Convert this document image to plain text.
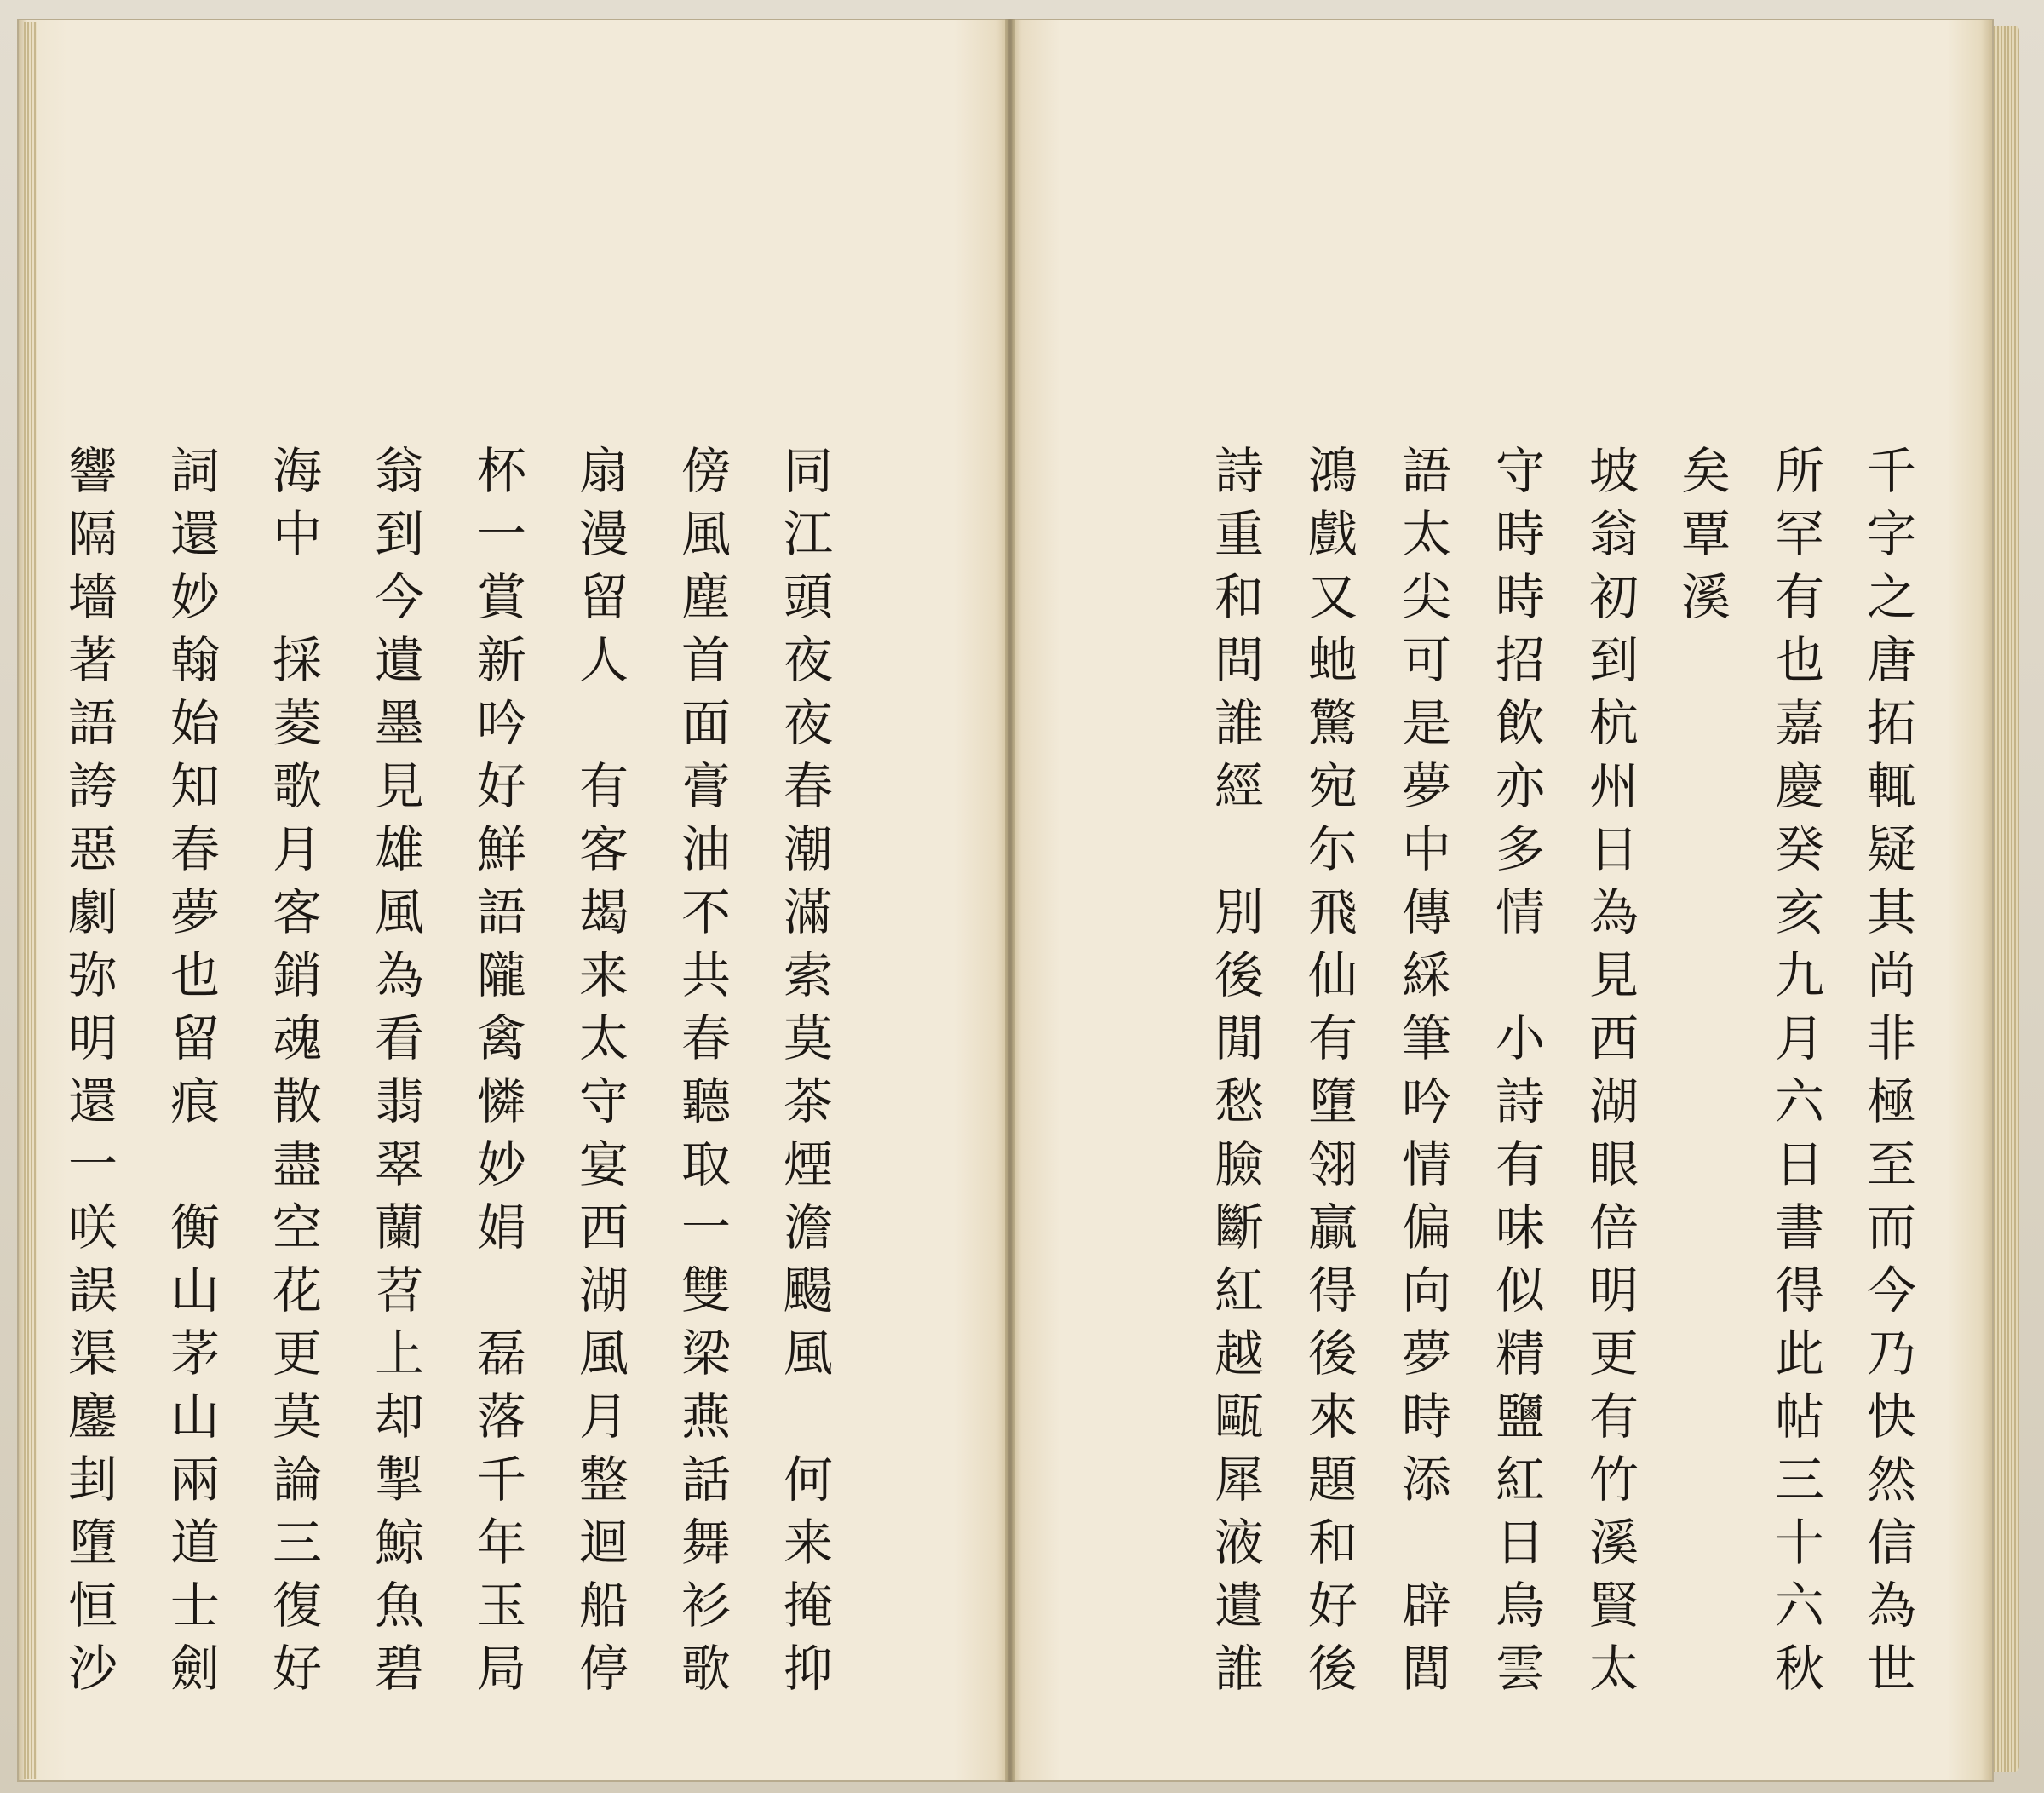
同江頭夜夜春潮滿索莫茶煙澹颺風　何来掩抑
傍風塵首面膏油不共春聽取一雙梁燕話舞衫歌
扇漫留人　有客朅来太守宴西湖風月整迴船停
杯一賞新吟好鮮語隴禽憐妙娟　磊落千年玉局
翁到今遺墨見雄風為看翡翠蘭苕上却掣鯨魚碧
海中　採菱歌月客銷魂散盡空花更莫論三復好
詞還妙翰始知春夢也留痕　衡山茅山兩道士劍
響隔墻著語誇惡劇弥明還一咲誤渠鏖刲墮恒沙	千字之唐拓輒疑其尚非極至而今乃快然信為世
所罕有也嘉慶癸亥九月六日書得此帖三十六秋
矣覃溪
坡翁初到杭州日為見西湖眼倍明更有竹溪賢太
守時時招飲亦多情　小詩有味似精鹽紅日烏雲
語太尖可是夢中傳綵筆吟情偏向夢時添　辟閭
鴻戲又虵驚宛尓飛仙有墮翎贏得後來題和好後
詩重和問誰經　別後閒愁臉斷紅越甌犀液遺誰
